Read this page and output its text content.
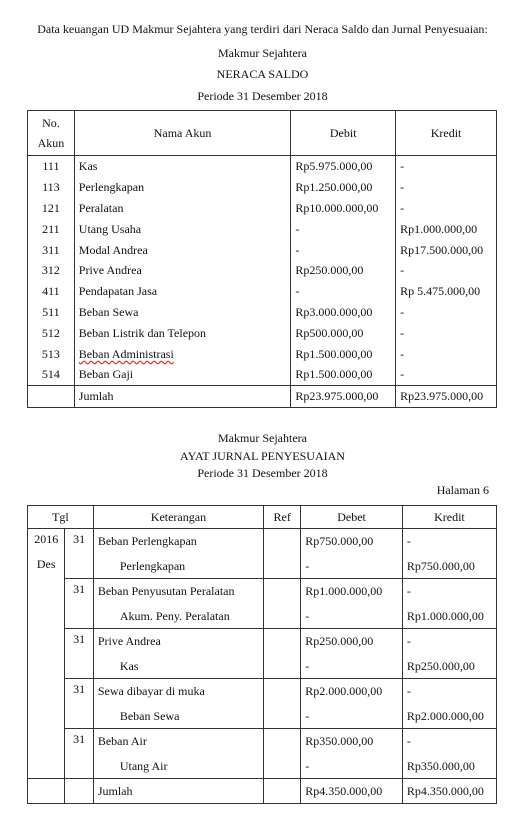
Data keuangan UD Makmur Sejahtera yang terdiri dari Neraca Saldo dan Jurnal Penyesuaian:
Makmur Sejahtera
NERACA SALDO
Periode 31 Desember 2018
No.
Akun	Nama Akun	Debit	Kredit
111	Kas	Rp5.975.000,00	-
113	Perlengkapan	Rp1.250.000,00	-
121	Peralatan	Rp10.000.000,00	-
211	Utang Usaha	-	Rp1.000.000,00
311	Modal Andrea	-	Rp17.500.000,00
312	Prive Andrea	Rp250.000,00	-
411	Pendapatan Jasa	-	Rp 5.475.000,00
511	Beban Sewa	Rp3.000.000,00	-
512	Beban Listrik dan Telepon	Rp500.000,00	-
513	Beban Administrasi	Rp1.500.000,00	-
514	Beban Gaji	Rp1.500.000,00	-
	Jumlah	Rp23.975.000,00	Rp23.975.000,00
Makmur Sejahtera
AYAT JURNAL PENYESUAIAN
Periode 31 Desember 2018
Halaman 6
Tgl		Keterangan	Ref	Debet	Kredit

2016
Des	31	Beban Perlengkapan		Rp750.000,00	-
		Perlengkapan		-	Rp750.000,00
	31	Beban Penyusutan Peralatan		Rp1.000.000,00	-
		Akum. Peny. Peralatan		-	Rp1.000.000,00
	31	Prive Andrea		Rp250.000,00	-
		Kas		-	Rp250.000,00
	31	Sewa dibayar di muka		Rp2.000.000,00	-
		Beban Sewa		-	Rp2.000.000,00
	31	Beban Air		Rp350.000,00	-
		Utang Air		-	Rp350.000,00
		Jumlah		Rp4.350.000,00	Rp4.350.000,00
